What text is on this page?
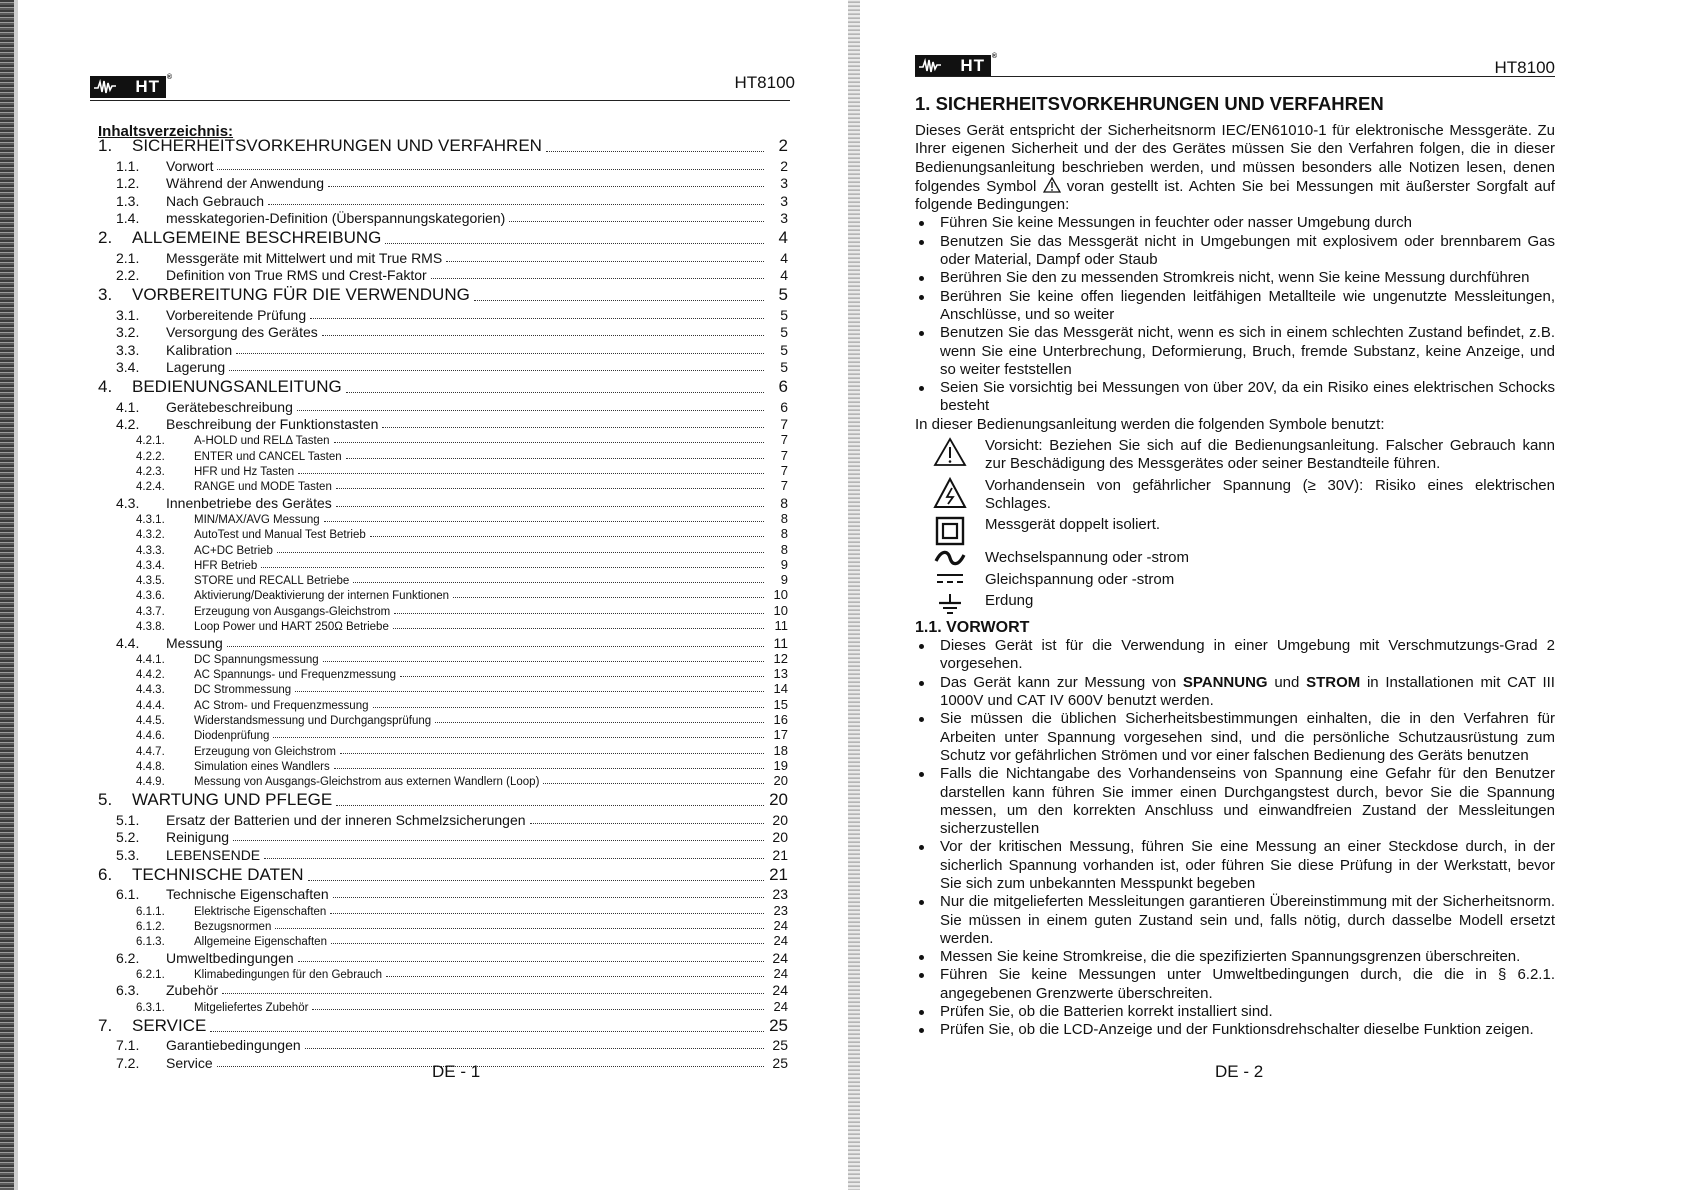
HT ®	HT8100
Inhaltsverzeichnis:
1.	SICHERHEITSVORKEHRUNGEN UND VERFAHREN	2
1.1.	Vorwort	2
1.2.	Während der Anwendung	3
1.3.	Nach Gebrauch	3
1.4.	messkategorien-Definition (Überspannungskategorien)	3
2.	ALLGEMEINE BESCHREIBUNG	4
2.1.	Messgeräte mit Mittelwert und mit True RMS	4
2.2.	Definition von True RMS und Crest-Faktor	4
3.	VORBEREITUNG FÜR DIE VERWENDUNG	5
3.1.	Vorbereitende Prüfung	5
3.2.	Versorgung des Gerätes	5
3.3.	Kalibration	5
3.4.	Lagerung	5
4.	BEDIENUNGSANLEITUNG	6
4.1.	Gerätebeschreibung	6
4.2.	Beschreibung der Funktionstasten	7
4.2.1.	A-HOLD und RELΔ Tasten	7
4.2.2.	ENTER und CANCEL Tasten	7
4.2.3.	HFR und Hz Tasten	7
4.2.4.	RANGE und MODE Tasten	7
4.3.	Innenbetriebe des Gerätes	8
4.3.1.	MIN/MAX/AVG Messung	8
4.3.2.	AutoTest und Manual Test Betrieb	8
4.3.3.	AC+DC Betrieb	8
4.3.4.	HFR Betrieb	9
4.3.5.	STORE und RECALL Betriebe	9
4.3.6.	Aktivierung/Deaktivierung der internen Funktionen	10
4.3.7.	Erzeugung von Ausgangs-Gleichstrom	10
4.3.8.	Loop Power und HART 250Ω Betriebe	11
4.4.	Messung	11
4.4.1.	DC Spannungsmessung	12
4.4.2.	AC Spannungs- und Frequenzmessung	13
4.4.3.	DC Strommessung	14
4.4.4.	AC Strom- und Frequenzmessung	15
4.4.5.	Widerstandsmessung und Durchgangsprüfung	16
4.4.6.	Diodenprüfung	17
4.4.7.	Erzeugung von Gleichstrom	18
4.4.8.	Simulation eines Wandlers	19
4.4.9.	Messung von Ausgangs-Gleichstrom aus externen Wandlern (Loop)	20
5.	WARTUNG UND PFLEGE	20
5.1.	Ersatz der Batterien und der inneren Schmelzsicherungen	20
5.2.	Reinigung	20
5.3.	LEBENSENDE	21
6.	TECHNISCHE DATEN	21
6.1.	Technische Eigenschaften	23
6.1.1.	Elektrische Eigenschaften	23
6.1.2.	Bezugsnormen	24
6.1.3.	Allgemeine Eigenschaften	24
6.2.	Umweltbedingungen	24
6.2.1.	Klimabedingungen für den Gebrauch	24
6.3.	Zubehör	24
6.3.1.	Mitgeliefertes Zubehör	24
7.	SERVICE	25
7.1.	Garantiebedingungen	25
7.2.	Service	25
DE - 1
HT ®
HT8100
1. SICHERHEITSVORKEHRUNGEN UND VERFAHREN

Dieses Gerät entspricht der Sicherheitsnorm IEC/EN61010-1 für elektronische Messgeräte. Zu Ihrer eigenen Sicherheit und der des Gerätes müssen Sie den Verfahren folgen, die in dieser Bedienungsanleitung beschrieben werden, und müssen besonders alle Notizen lesen, denen folgendes Symbol voran gestellt ist. Achten Sie bei Messungen mit äußerster Sorgfalt auf folgende Bedingungen:

Führen Sie keine Messungen in feuchter oder nasser Umgebung durch
Benutzen Sie das Messgerät nicht in Umgebungen mit explosivem oder brennbarem Gas oder Material, Dampf oder Staub
Berühren Sie den zu messenden Stromkreis nicht, wenn Sie keine Messung durchführen
Berühren Sie keine offen liegenden leitfähigen Metallteile wie ungenutzte Messleitungen, Anschlüsse, und so weiter
Benutzen Sie das Messgerät nicht, wenn es sich in einem schlechten Zustand befindet, z.B. wenn Sie eine Unterbrechung, Deformierung, Bruch, fremde Substanz, keine Anzeige, und so weiter feststellen
Seien Sie vorsichtig bei Messungen von über 20V, da ein Risiko eines elektrischen Schocks besteht

In dieser Bedienungsanleitung werden die folgenden Symbole benutzt:

Vorsicht: Beziehen Sie sich auf die Bedienungsanleitung. Falscher Gebrauch kann zur Beschädigung des Messgerätes oder seiner Bestandteile führen.
Vorhandensein von gefährlicher Spannung (≥ 30V): Risiko eines elektrischen Schlages.
Messgerät doppelt isoliert.
Wechselspannung oder -strom
Gleichspannung oder -strom
Erdung
1.1. VORWORT
Dieses Gerät ist für die Verwendung in einer Umgebung mit Verschmutzungs-Grad 2 vorgesehen.
Das Gerät kann zur Messung von SPANNUNG und STROM in Installationen mit CAT III 1000V und CAT IV 600V benutzt werden.
Sie müssen die üblichen Sicherheitsbestimmungen einhalten, die in den Verfahren für Arbeiten unter Spannung vorgesehen sind, und die persönliche Schutzausrüstung zum Schutz vor gefährlichen Strömen und vor einer falschen Bedienung des Geräts benutzen
Falls die Nichtangabe des Vorhandenseins von Spannung eine Gefahr für den Benutzer darstellen kann führen Sie immer einen Durchgangstest durch, bevor Sie die Spannung messen, um den korrekten Anschluss und einwandfreien Zustand der Messleitungen sicherzustellen
Vor der kritischen Messung, führen Sie eine Messung an einer Steckdose durch, in der sicherlich Spannung vorhanden ist, oder führen Sie diese Prüfung in der Werkstatt, bevor Sie sich zum unbekannten Messpunkt begeben
Nur die mitgelieferten Messleitungen garantieren Übereinstimmung mit der Sicherheitsnorm. Sie müssen in einem guten Zustand sein und, falls nötig, durch dasselbe Modell ersetzt werden.
Messen Sie keine Stromkreise, die die spezifizierten Spannungsgrenzen überschreiten.
Führen Sie keine Messungen unter Umweltbedingungen durch, die die in § 6.2.1. angegebenen Grenzwerte überschreiten.
Prüfen Sie, ob die Batterien korrekt installiert sind.
Prüfen Sie, ob die LCD-Anzeige und der Funktionsdrehschalter dieselbe Funktion zeigen.
DE - 2
